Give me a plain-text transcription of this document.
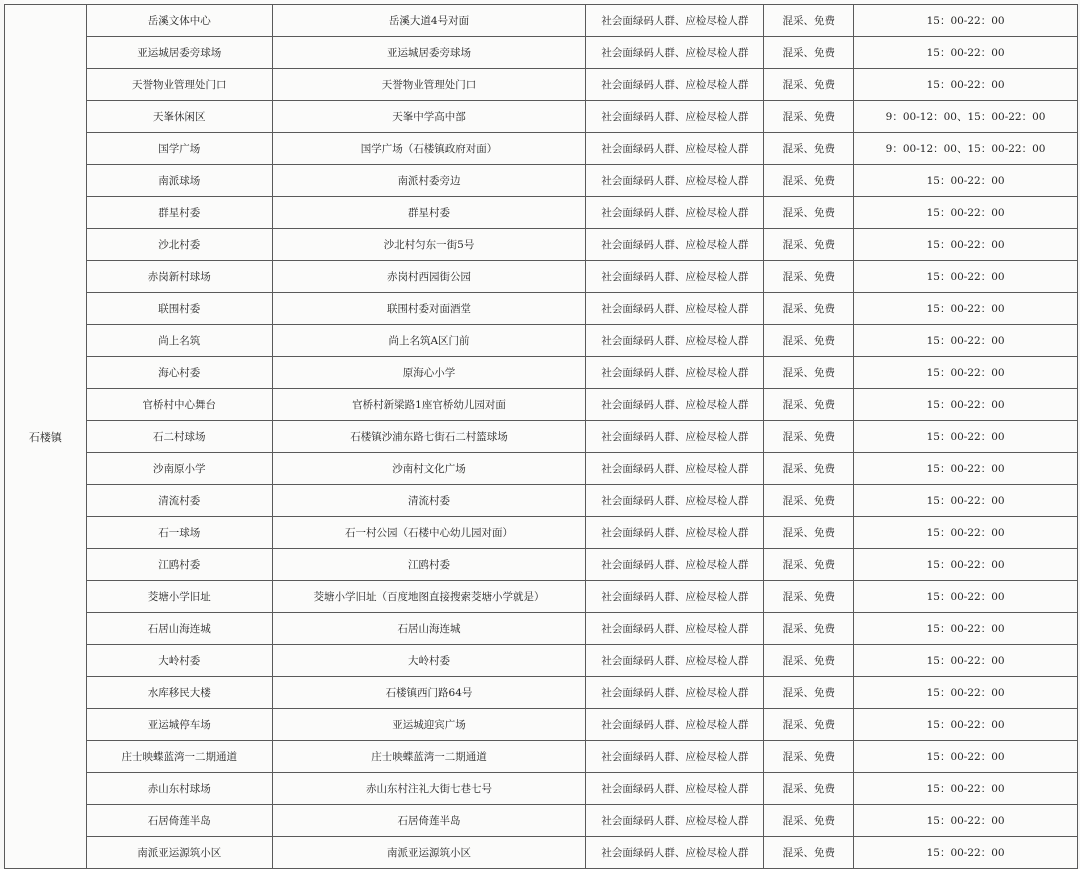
石楼镇	岳溪文体中心	岳溪大道4号对面	社会面绿码人群、应检尽检人群	混采、免费	15：00-22：00
	亚运城居委旁球场	亚运城居委旁球场	社会面绿码人群、应检尽检人群	混采、免费	15：00-22：00
	天誉物业管理处门口	天誉物业管理处门口	社会面绿码人群、应检尽检人群	混采、免费	15：00-22：00
	天峯休闲区	天峯中学高中部	社会面绿码人群、应检尽检人群	混采、免费	9：00-12：00、15：00-22：00
	国学广场	国学广场（石楼镇政府对面）	社会面绿码人群、应检尽检人群	混采、免费	9：00-12：00、15：00-22：00
	南派球场	南派村委旁边	社会面绿码人群、应检尽检人群	混采、免费	15：00-22：00
	群星村委	群星村委	社会面绿码人群、应检尽检人群	混采、免费	15：00-22：00
	沙北村委	沙北村匀东一街5号	社会面绿码人群、应检尽检人群	混采、免费	15：00-22：00
	赤岗新村球场	赤岗村西园街公园	社会面绿码人群、应检尽检人群	混采、免费	15：00-22：00
	联围村委	联围村委对面酒堂	社会面绿码人群、应检尽检人群	混采、免费	15：00-22：00
	尚上名筑	尚上名筑A区门前	社会面绿码人群、应检尽检人群	混采、免费	15：00-22：00
	海心村委	原海心小学	社会面绿码人群、应检尽检人群	混采、免费	15：00-22：00
	官桥村中心舞台	官桥村新梁路1座官桥幼儿园对面	社会面绿码人群、应检尽检人群	混采、免费	15：00-22：00
	石二村球场	石楼镇沙浦东路七街石二村篮球场	社会面绿码人群、应检尽检人群	混采、免费	15：00-22：00
	沙南原小学	沙南村文化广场	社会面绿码人群、应检尽检人群	混采、免费	15：00-22：00
	清流村委	清流村委	社会面绿码人群、应检尽检人群	混采、免费	15：00-22：00
	石一球场	石一村公园（石楼中心幼儿园对面）	社会面绿码人群、应检尽检人群	混采、免费	15：00-22：00
	江鸥村委	江鸥村委	社会面绿码人群、应检尽检人群	混采、免费	15：00-22：00
	茭塘小学旧址	茭塘小学旧址（百度地图直接搜索茭塘小学就是）	社会面绿码人群、应检尽检人群	混采、免费	15：00-22：00
	石居山海连城	石居山海连城	社会面绿码人群、应检尽检人群	混采、免费	15：00-22：00
	大岭村委	大岭村委	社会面绿码人群、应检尽检人群	混采、免费	15：00-22：00
	水库移民大楼	石楼镇西门路64号	社会面绿码人群、应检尽检人群	混采、免费	15：00-22：00
	亚运城停车场	亚运城迎宾广场	社会面绿码人群、应检尽检人群	混采、免费	15：00-22：00
	庄士映蝶蓝湾一二期通道	庄士映蝶蓝湾一二期通道	社会面绿码人群、应检尽检人群	混采、免费	15：00-22：00
	赤山东村球场	赤山东村注礼大街七巷七号	社会面绿码人群、应检尽检人群	混采、免费	15：00-22：00
	石居倚莲半岛	石居倚莲半岛	社会面绿码人群、应检尽检人群	混采、免费	15：00-22：00
	南派亚运源筑小区	南派亚运源筑小区	社会面绿码人群、应检尽检人群	混采、免费	15：00-22：00
